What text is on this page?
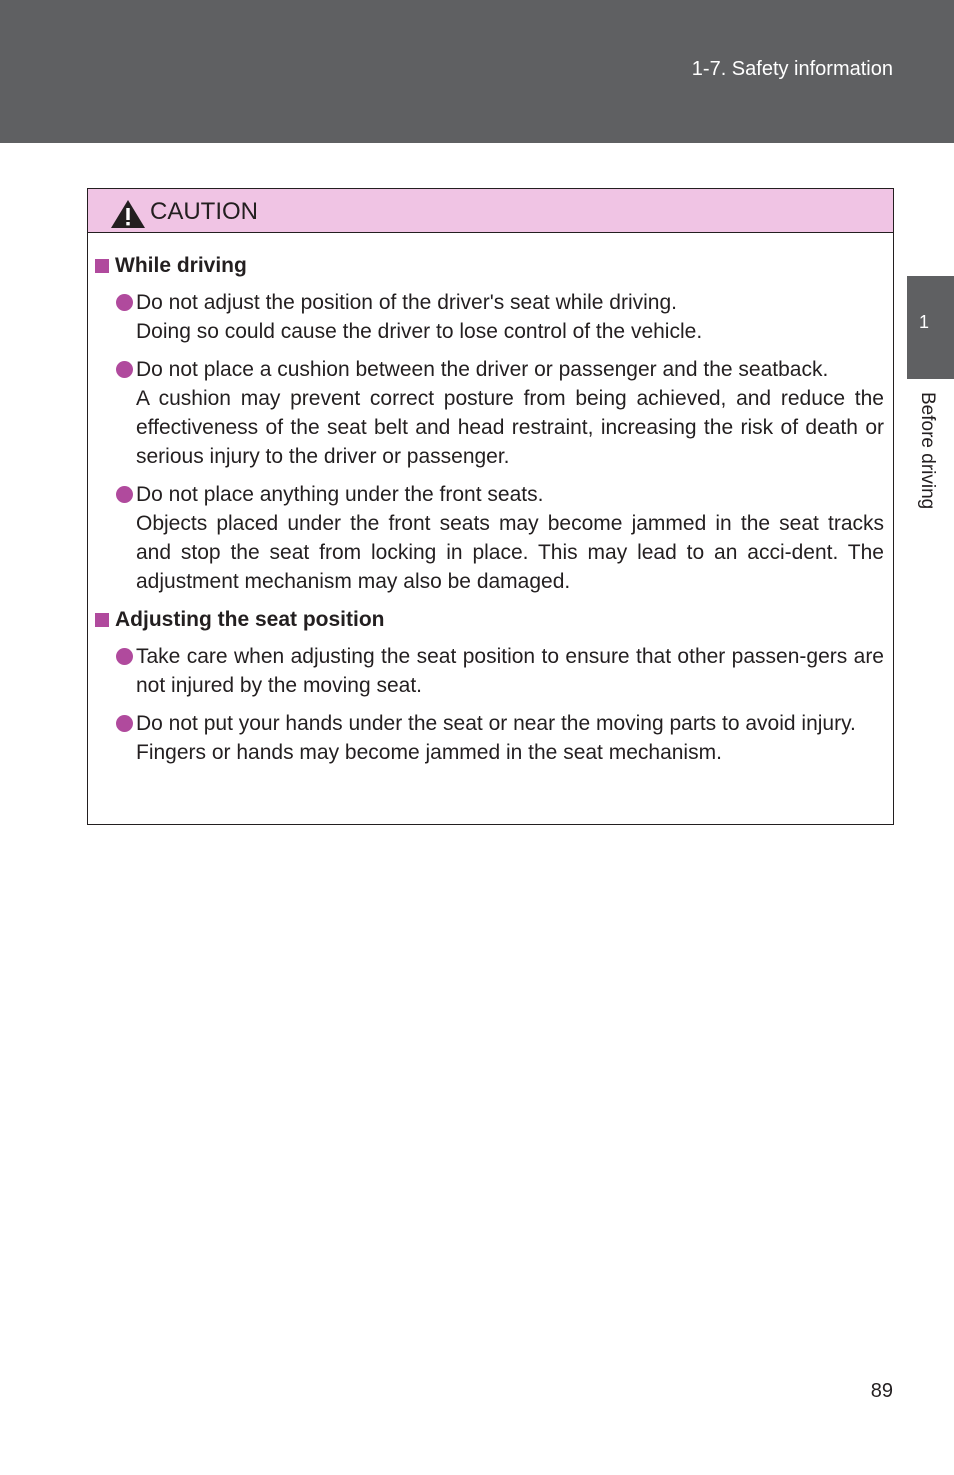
1-7. Safety information
1
Before driving
CAUTION
While driving

Do not adjust the position of the driver's seat while driving.

Doing so could cause the driver to lose control of the vehicle.

Do not place a cushion between the driver or passenger and the seatback.

A cushion may prevent correct posture from being achieved, and reduce the effectiveness of the seat belt and head restraint, increasing the risk of death or serious injury to the driver or passenger.

Do not place anything under the front seats.

Objects placed under the front seats may become jammed in the seat tracks and stop the seat from locking in place. This may lead to an acci-dent. The adjustment mechanism may also be damaged.

Adjusting the seat position

Take care when adjusting the seat position to ensure that other passen-gers are not injured by the moving seat.

Do not put your hands under the seat or near the moving parts to avoid injury.

Fingers or hands may become jammed in the seat mechanism.

89
